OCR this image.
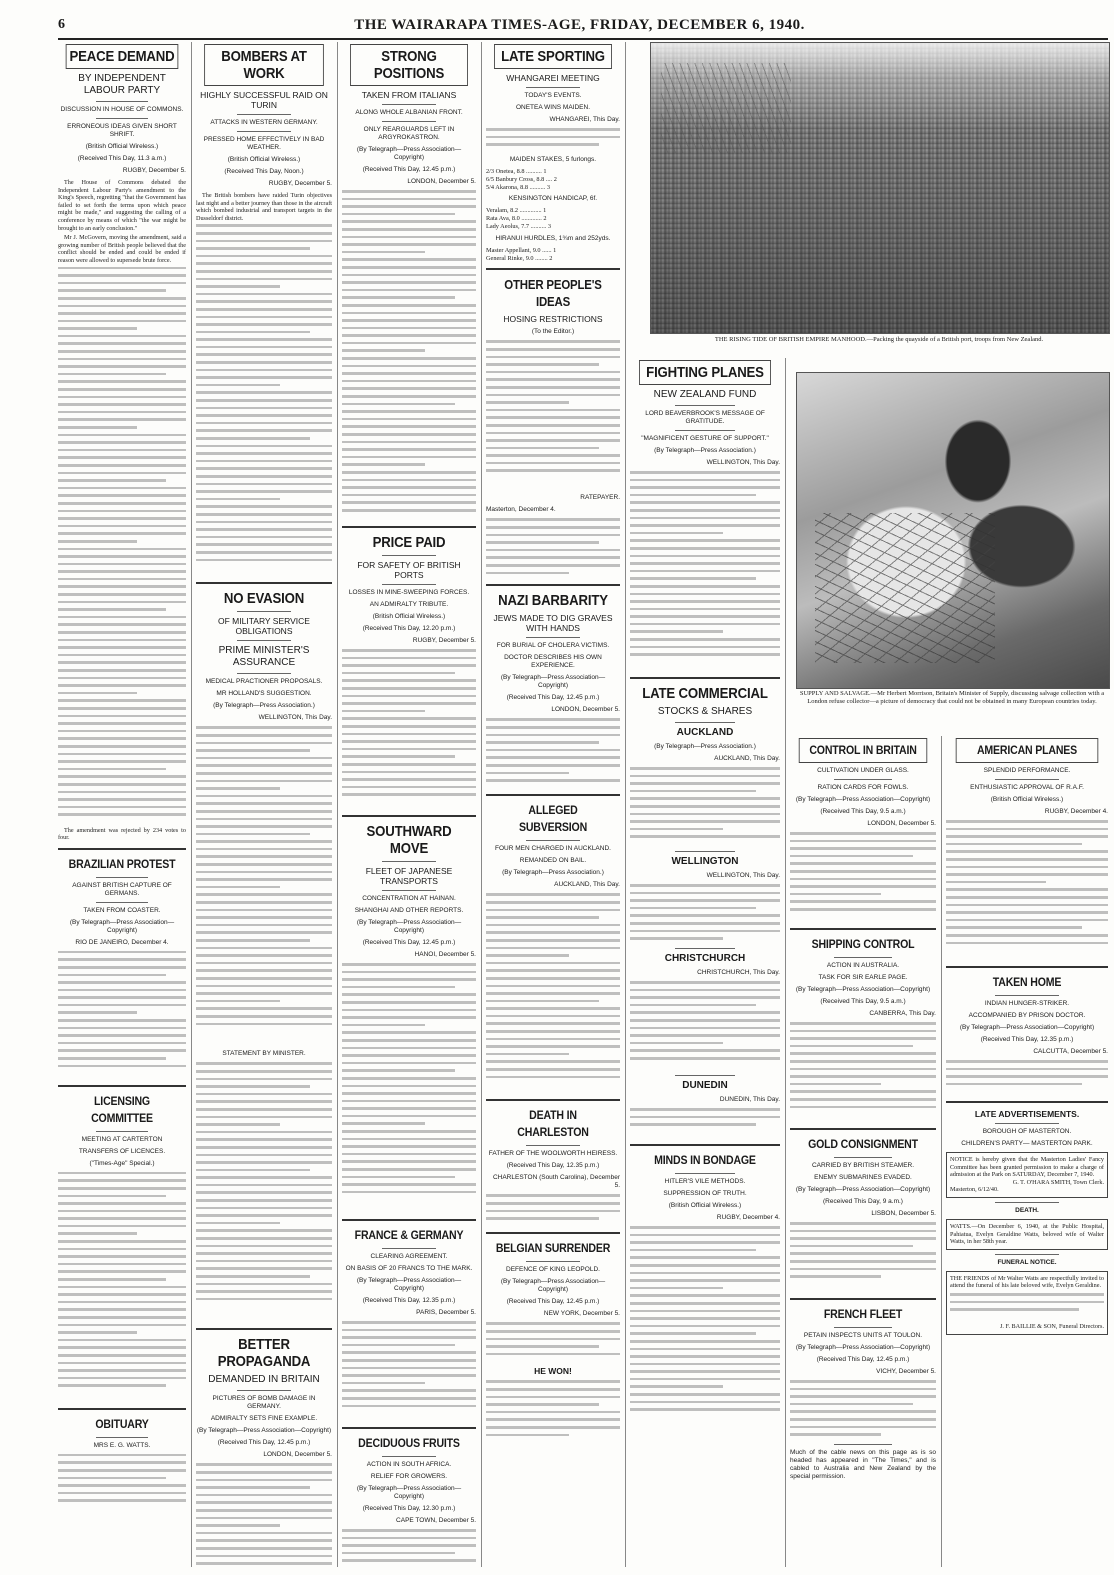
6	THE WAIRARAPA TIMES-AGE, FRIDAY, DECEMBER 6, 1940.
PEACE DEMAND
BY INDEPENDENT LABOUR PARTY
DISCUSSION IN HOUSE OF COMMONS.
ERRONEOUS IDEAS GIVEN SHORT SHRIFT.
(British Official Wireless.)
(Received This Day, 11.3 a.m.)
RUGBY, December 5.

The House of Commons debated the Independent Labour Party's amendment to the King's Speech, regretting "that the Government has failed to set forth the terms upon which peace might be made," and suggesting the calling of a conference by means of which "the war might be brought to an early conclusion."

Mr J. McGovern, moving the amendment, said a growing number of British people believed that the conflict should be ended and could be ended if reason were allowed to supersede brute force.

The amendment was rejected by 234 votes to four.

BRAZILIAN PROTEST
AGAINST BRITISH CAPTURE OF GERMANS.
TAKEN FROM COASTER.
(By Telegraph—Press Association—Copyright)
RIO DE JANEIRO, December 4.
LICENSING COMMITTEE
MEETING AT CARTERTON
TRANSFERS OF LICENCES.
("Times-Age" Special.)
OBITUARY
MRS E. G. WATTS.
BOMBERS AT WORK
HIGHLY SUCCESSFUL RAID ON TURIN
ATTACKS IN WESTERN GERMANY.
PRESSED HOME EFFECTIVELY IN BAD WEATHER.
(British Official Wireless.)
(Received This Day, Noon.)
RUGBY, December 5.

The British bombers have raided Turin objectives last night and a better journey than those in the aircraft which bombed industrial and transport targets in the Dusseldorf district.

NO EVASION
OF MILITARY SERVICE OBLIGATIONS
PRIME MINISTER'S ASSURANCE
MEDICAL PRACTIONER PROPOSALS.
MR HOLLAND'S SUGGESTION.
(By Telegraph—Press Association.)
WELLINGTON, This Day.
STATEMENT BY MINISTER.
BETTER PROPAGANDA
DEMANDED IN BRITAIN
PICTURES OF BOMB DAMAGE IN GERMANY.
ADMIRALTY SETS FINE EXAMPLE.
(By Telegraph—Press Association—Copyright)
(Received This Day, 12.45 p.m.)
LONDON, December 5.
STRONG POSITIONS
TAKEN FROM ITALIANS
ALONG WHOLE ALBANIAN FRONT.
ONLY REARGUARDS LEFT IN ARGYROKASTRON.
(By Telegraph—Press Association—Copyright)
(Received This Day, 12.45 p.m.)
LONDON, December 5.
PRICE PAID
FOR SAFETY OF BRITISH PORTS
LOSSES IN MINE-SWEEPING FORCES.
AN ADMIRALTY TRIBUTE.
(British Official Wireless.)
(Received This Day, 12.20 p.m.)
RUGBY, December 5.
SOUTHWARD MOVE
FLEET OF JAPANESE TRANSPORTS
CONCENTRATION AT HAINAN.
SHANGHAI AND OTHER REPORTS.
(By Telegraph—Press Association—Copyright)
(Received This Day, 12.45 p.m.)
HANOI, December 5.
FRANCE & GERMANY
CLEARING AGREEMENT.
ON BASIS OF 20 FRANCS TO THE MARK.
(By Telegraph—Press Association—Copyright)
(Received This Day, 12.35 p.m.)
PARIS, December 5.
DECIDUOUS FRUITS
ACTION IN SOUTH AFRICA.
RELIEF FOR GROWERS.
(By Telegraph—Press Association—Copyright)
(Received This Day, 12.30 p.m.)
CAPE TOWN, December 5.
LATE SPORTING
WHANGAREI MEETING
TODAY'S EVENTS.
ONETEA WINS MAIDEN.
WHANGAREI, This Day.
MAIDEN STAKES, 5 furlongs.
2/3 Onetea, 8.8 .......... 1
6/5 Banbury Cross, 8.8 .... 2
5/4 Akarona, 8.8 .......... 3
KENSINGTON HANDICAP, 6f.
Veralam, 8.2 .............. 1
Rata Ava, 8.0 ............. 2
Lady Aeolus, 7.7 .......... 3
HIRANUI HURDLES, 1¾m and 252yds.
Master Appellant, 9.0 ...... 1
General Rinke, 9.0 ........ 2
OTHER PEOPLE'S IDEAS
HOSING RESTRICTIONS
(To the Editor.)
RATEPAYER.
Masterton, December 4.
NAZI BARBARITY
JEWS MADE TO DIG GRAVES WITH HANDS
FOR BURIAL OF CHOLERA VICTIMS.
DOCTOR DESCRIBES HIS OWN EXPERIENCE.
(By Telegraph—Press Association—Copyright)
(Received This Day, 12.45 p.m.)
LONDON, December 5.
ALLEGED SUBVERSION
FOUR MEN CHARGED IN AUCKLAND.
REMANDED ON BAIL.
(By Telegraph—Press Association.)
AUCKLAND, This Day.
DEATH IN CHARLESTON
FATHER OF THE WOOLWORTH HEIRESS.
(Received This Day, 12.35 p.m.)
CHARLESTON (South Carolina), December 5.
BELGIAN SURRENDER
DEFENCE OF KING LEOPOLD.
(By Telegraph—Press Association—Copyright)
(Received This Day, 12.45 p.m.)
NEW YORK, December 5.
HE WON!
THE RISING TIDE OF BRITISH EMPIRE MANHOOD.—Packing the quayside of a British port, troops from New Zealand.
FIGHTING PLANES
NEW ZEALAND FUND
LORD BEAVERBROOK'S MESSAGE OF GRATITUDE.
"MAGNIFICENT GESTURE OF SUPPORT."
(By Telegraph—Press Association.)
WELLINGTON, This Day.
LATE COMMERCIAL
STOCKS & SHARES
AUCKLAND
(By Telegraph—Press Association.)
AUCKLAND, This Day.
WELLINGTON
WELLINGTON, This Day.
CHRISTCHURCH
CHRISTCHURCH, This Day.
DUNEDIN
DUNEDIN, This Day.
MINDS IN BONDAGE
HITLER'S VILE METHODS.
SUPPRESSION OF TRUTH.
(British Official Wireless.)
RUGBY, December 4.
SUPPLY AND SALVAGE.—Mr Herbert Morrison, Britain's Minister of Supply, discussing salvage collection with a London refuse collector—a picture of democracy that could not be obtained in many European countries today.
CONTROL IN BRITAIN
CULTIVATION UNDER GLASS.
RATION CARDS FOR FOWLS.
(By Telegraph—Press Association—Copyright)
(Received This Day, 9.5 a.m.)
LONDON, December 5.
SHIPPING CONTROL
ACTION IN AUSTRALIA.
TASK FOR SIR EARLE PAGE.
(By Telegraph—Press Association—Copyright)
(Received This Day, 9.5 a.m.)
CANBERRA, This Day.
GOLD CONSIGNMENT
CARRIED BY BRITISH STEAMER.
ENEMY SUBMARINES EVADED.
(By Telegraph—Press Association—Copyright)
(Received This Day, 9 a.m.)
LISBON, December 5.
FRENCH FLEET
PETAIN INSPECTS UNITS AT TOULON.
(By Telegraph—Press Association—Copyright)
(Received This Day, 12.45 p.m.)
VICHY, December 5.
Much of the cable news on this page as is so headed has appeared in "The Times," and is cabled to Australia and New Zealand by the special permission.
AMERICAN PLANES
SPLENDID PERFORMANCE.
ENTHUSIASTIC APPROVAL OF R.A.F.
(British Official Wireless.)
RUGBY, December 4.
TAKEN HOME
INDIAN HUNGER-STRIKER.
ACCOMPANIED BY PRISON DOCTOR.
(By Telegraph—Press Association—Copyright)
(Received This Day, 12.35 p.m.)
CALCUTTA, December 5.
LATE ADVERTISEMENTS.
BOROUGH OF MASTERTON.
CHILDREN'S PARTY— MASTERTON PARK.
NOTICE is hereby given that the Masterton Ladies' Fancy Committee has been granted permission to make a charge of admission at the Park on SATURDAY, December 7, 1940.
G. T. O'HARA SMITH, Town Clerk.
Masterton, 6/12/40.
DEATH.
WATTS.—On December 6, 1940, at the Public Hospital, Pahiatua, Evelyn Geraldine Watts, beloved wife of Walter Watts, in her 58th year.
FUNERAL NOTICE.
THE FRIENDS of Mr Walter Watts are respectfully invited to attend the funeral of his late beloved wife, Evelyn Geraldine.
J. F. BAILLIE & SON, Funeral Directors.
